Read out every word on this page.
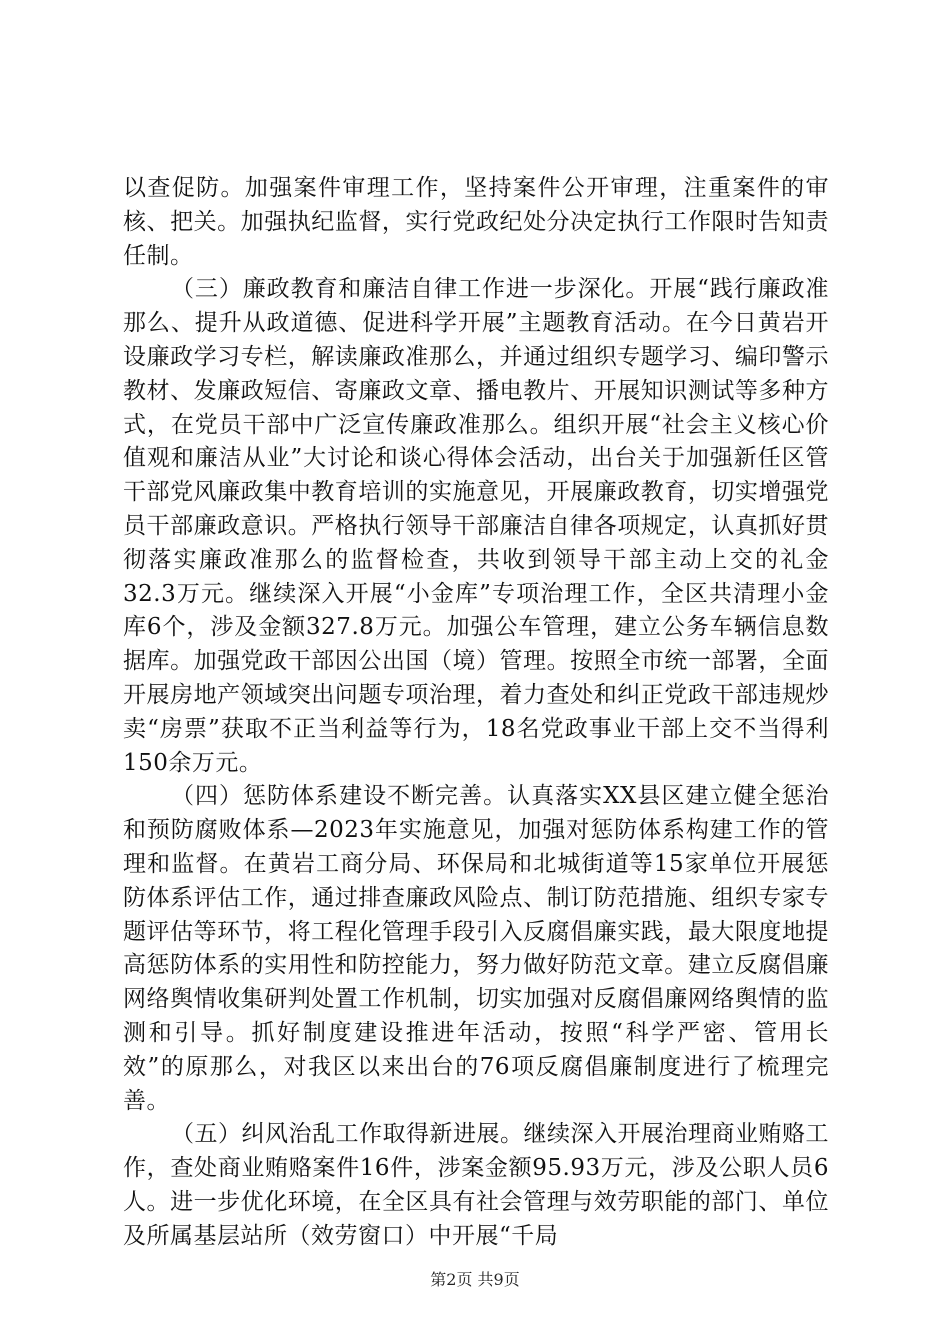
以查促防。加强案件审理工作，坚持案件公开审理，注重案件的审核、把关。加强执纪监督，实行党政纪处分决定执行工作限时告知责任制。

（三）廉政教育和廉洁自律工作进一步深化。开展“践行廉政准那么、提升从政道德、促进科学开展”主题教育活动。在今日黄岩开设廉政学习专栏，解读廉政准那么，并通过组织专题学习、编印警示教材、发廉政短信、寄廉政文章、播电教片、开展知识测试等多种方式，在党员干部中广泛宣传廉政准那么。组织开展“社会主义核心价值观和廉洁从业”大讨论和谈心得体会活动，出台关于加强新任区管干部党风廉政集中教育培训的实施意见，开展廉政教育，切实增强党员干部廉政意识。严格执行领导干部廉洁自律各项规定，认真抓好贯彻落实廉政准那么的监督检查，共收到领导干部主动上交的礼金32.3万元。继续深入开展“小金库”专项治理工作，全区共清理小金库6个，涉及金额327.8万元。加强公车管理，建立公务车辆信息数据库。加强党政干部因公出国（境）管理。按照全市统一部署，全面开展房地产领域突出问题专项治理，着力查处和纠正党政干部违规炒卖“房票”获取不正当利益等行为，18名党政事业干部上交不当得利150余万元。

（四）惩防体系建设不断完善。认真落实XX县区建立健全惩治和预防腐败体系—2023年实施意见，加强对惩防体系构建工作的管理和监督。在黄岩工商分局、环保局和北城街道等15家单位开展惩防体系评估工作，通过排查廉政风险点、制订防范措施、组织专家专题评估等环节，将工程化管理手段引入反腐倡廉实践，最大限度地提高惩防体系的实用性和防控能力，努力做好防范文章。建立反腐倡廉网络舆情收集研判处置工作机制，切实加强对反腐倡廉网络舆情的监测和引导。抓好制度建设推进年活动，按照“科学严密、管用长效”的原那么，对我区以来出台的76项反腐倡廉制度进行了梳理完善。

（五）纠风治乱工作取得新进展。继续深入开展治理商业贿赂工作，查处商业贿赂案件16件，涉案金额95.93万元，涉及公职人员6人。进一步优化环境，在全区具有社会管理与效劳职能的部门、单位及所属基层站所（效劳窗口）中开展“千局

第2页 共9页
